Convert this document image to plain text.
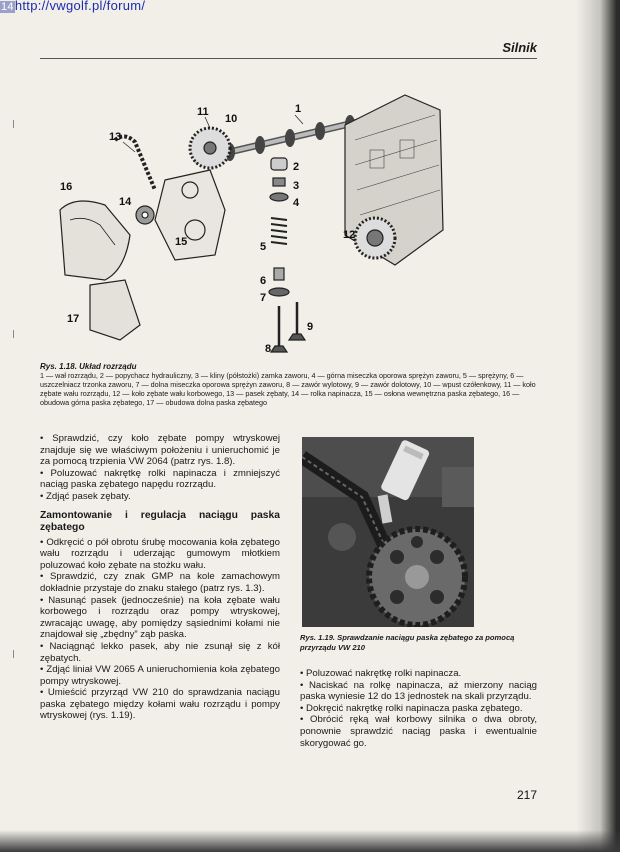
14http://vwgolf.pl/forum/
Silnik
1
2
3
4
5
6
7
8
9
10
11
12
13
14
15
16
17
Rys. 1.18. Układ rozrządu
1 — wał rozrządu, 2 — popychacz hydrauliczny, 3 — kliny (półstożki) zamka zaworu, 4 — górna miseczka oporowa sprężyn zaworu, 5 — sprężyny, 6 — uszczelniacz trzonka zaworu, 7 — dolna miseczka oporowa sprężyn zaworu, 8 — zawór wylotowy, 9 — zawór dolotowy, 10 — wpust czółenkowy, 11 — koło zębate wału rozrządu, 12 — koło zębate wału korbowego, 13 — pasek zębaty, 14 — rolka napinacza, 15 — osłona wewnętrzna paska zębatego, 16 — obudowa górna paska zębatego, 17 — obudowa dolna paska zębatego

• Sprawdzić, czy koło zębate pompy wtryskowej znajduje się we właściwym położeniu i unieruchomić je za pomocą trzpienia VW 2064 (patrz rys. 1.8).

• Poluzować nakrętkę rolki napinacza i zmniejszyć naciąg paska zębatego napędu rozrządu.

• Zdjąć pasek zębaty.

Zamontowanie i regulacja naciągu paska zębatego

• Odkręcić o pół obrotu śrubę mocowania koła zębatego wału rozrządu i uderzając gumowym młotkiem poluzować koło zębate na stożku wału.

• Sprawdzić, czy znak GMP na kole zamachowym dokładnie przystaje do znaku stałego (patrz rys. 1.3).

• Nasunąć pasek (jednocześnie) na koła zębate wału korbowego i rozrządu oraz pompy wtryskowej, zwracając uwagę, aby pomiędzy sąsiednimi kołami nie znajdował się „zbędny” ząb paska.

• Naciągnąć lekko pasek, aby nie zsunął się z kół zębatych.

• Zdjąć liniał VW 2065 A unieruchomienia koła zębatego pompy wtryskowej.

• Umieścić przyrząd VW 210 do sprawdzania naciągu paska zębatego między kołami wału rozrządu i pompy wtryskowej (rys. 1.19).

Rys. 1.19. Sprawdzanie naciągu paska zębatego za pomocą przyrządu VW 210

• Poluzować nakrętkę rolki napinacza.

• Naciskać na rolkę napinacza, aż mierzony naciąg paska wyniesie 12 do 13 jednostek na skali przyrządu.

• Dokręcić nakrętkę rolki napinacza paska zębatego.

• Obrócić ręką wał korbowy silnika o dwa obroty, ponownie sprawdzić naciąg paska i ewentualnie skorygować go.

217
